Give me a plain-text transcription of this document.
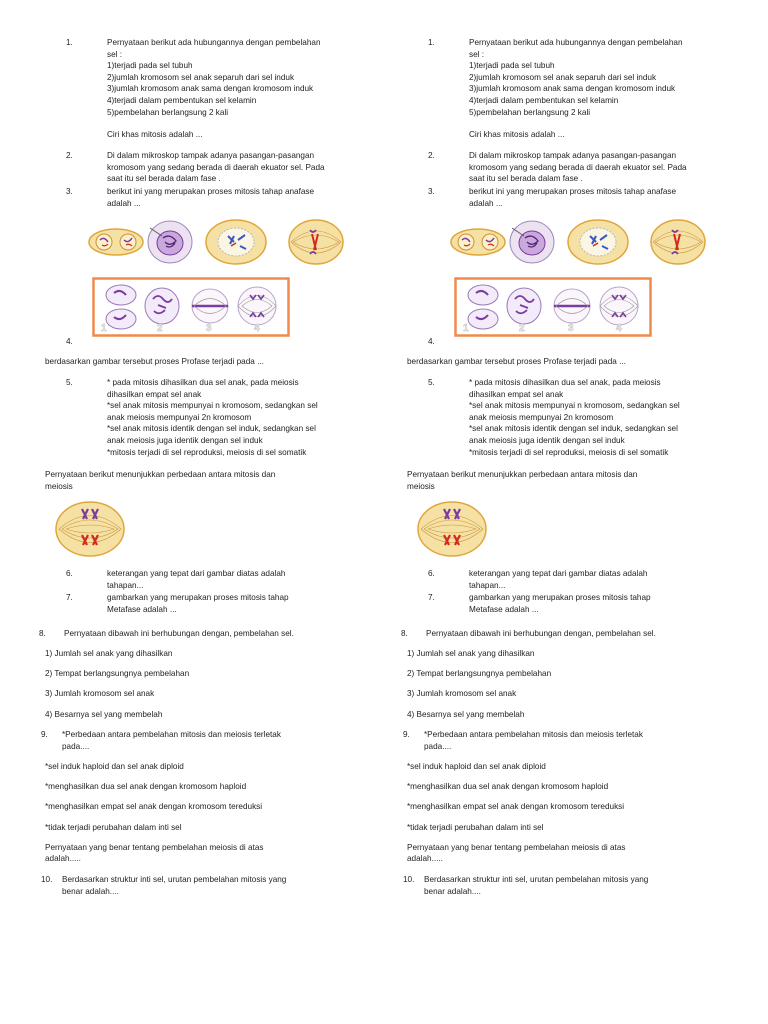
1.	Pernyataan berikut ada hubungannya dengan pembelahan
sel :
1)terjadi pada sel tubuh
2)jumlah kromosom sel anak separuh dari sel induk
3)jumlah kromosom anak sama dengan kromosom induk
4)terjadi dalam pembentukan sel kelamin
5)pembelahan berlangsung 2 kali
Ciri khas mitosis adalah ...
2.	Di dalam mikroskop tampak adanya pasangan-pasangan
kromosom yang sedang berada di daerah ekuator sel. Pada
saat itu sel berada dalam fase .
3.	berikut ini yang merupakan proses mitosis tahap anafase
adalah ...
1	2	3	4
4.
berdasarkan gambar tersebut proses Profase terjadi pada ...
5.	* pada mitosis dihasilkan dua sel anak, pada meiosis
dihasilkan empat sel anak
*sel anak mitosis mempunyai n kromosom, sedangkan sel
anak meiosis mempunyai 2n kromosom
*sel anak mitosis identik dengan sel induk, sedangkan sel
anak meiosis juga identik dengan sel induk
*mitosis terjadi di sel reproduksi, meiosis di sel somatik
Pernyataan berikut menunjukkan perbedaan antara mitosis dan
meiosis
6.	keterangan yang tepat dari gambar diatas adalah
tahapan...
7.	gambarkan yang merupakan proses mitosis tahap
Metafase adalah ...
8. Pernyataan dibawah ini berhubungan dengan, pembelahan sel.
1) Jumlah sel anak yang dihasilkan
2) Tempat berlangsungnya pembelahan
3) Jumlah kromosom sel anak
4) Besarnya sel yang membelah
9. *Perbedaan antara pembelahan mitosis dan meiosis terletak
pada....
*sel induk haploid dan sel anak diploid
*menghasilkan dua sel anak dengan kromosom haploid
*menghasilkan empat sel anak dengan kromosom tereduksi
*tidak terjadi perubahan dalam inti sel
Pernyataan yang benar tentang pembelahan meiosis di atas
adalah.....
10. Berdasarkan struktur inti sel, urutan pembelahan mitosis yang
benar adalah....
1.	Pernyataan berikut ada hubungannya dengan pembelahan
sel :
1)terjadi pada sel tubuh
2)jumlah kromosom sel anak separuh dari sel induk
3)jumlah kromosom anak sama dengan kromosom induk
4)terjadi dalam pembentukan sel kelamin
5)pembelahan berlangsung 2 kali
Ciri khas mitosis adalah ...
2.	Di dalam mikroskop tampak adanya pasangan-pasangan
kromosom yang sedang berada di daerah ekuator sel. Pada
saat itu sel berada dalam fase .
3.	berikut ini yang merupakan proses mitosis tahap anafase
adalah ...
1	2	3	4
4.
berdasarkan gambar tersebut proses Profase terjadi pada ...
5.	* pada mitosis dihasilkan dua sel anak, pada meiosis
dihasilkan empat sel anak
*sel anak mitosis mempunyai n kromosom, sedangkan sel
anak meiosis mempunyai 2n kromosom
*sel anak mitosis identik dengan sel induk, sedangkan sel
anak meiosis juga identik dengan sel induk
*mitosis terjadi di sel reproduksi, meiosis di sel somatik
Pernyataan berikut menunjukkan perbedaan antara mitosis dan
meiosis
6.	keterangan yang tepat dari gambar diatas adalah
tahapan...
7.	gambarkan yang merupakan proses mitosis tahap
Metafase adalah ...
8. Pernyataan dibawah ini berhubungan dengan, pembelahan sel.
1) Jumlah sel anak yang dihasilkan
2) Tempat berlangsungnya pembelahan
3) Jumlah kromosom sel anak
4) Besarnya sel yang membelah
9. *Perbedaan antara pembelahan mitosis dan meiosis terletak
pada....
*sel induk haploid dan sel anak diploid
*menghasilkan dua sel anak dengan kromosom haploid
*menghasilkan empat sel anak dengan kromosom tereduksi
*tidak terjadi perubahan dalam inti sel
Pernyataan yang benar tentang pembelahan meiosis di atas
adalah.....
10. Berdasarkan struktur inti sel, urutan pembelahan mitosis yang
benar adalah....
